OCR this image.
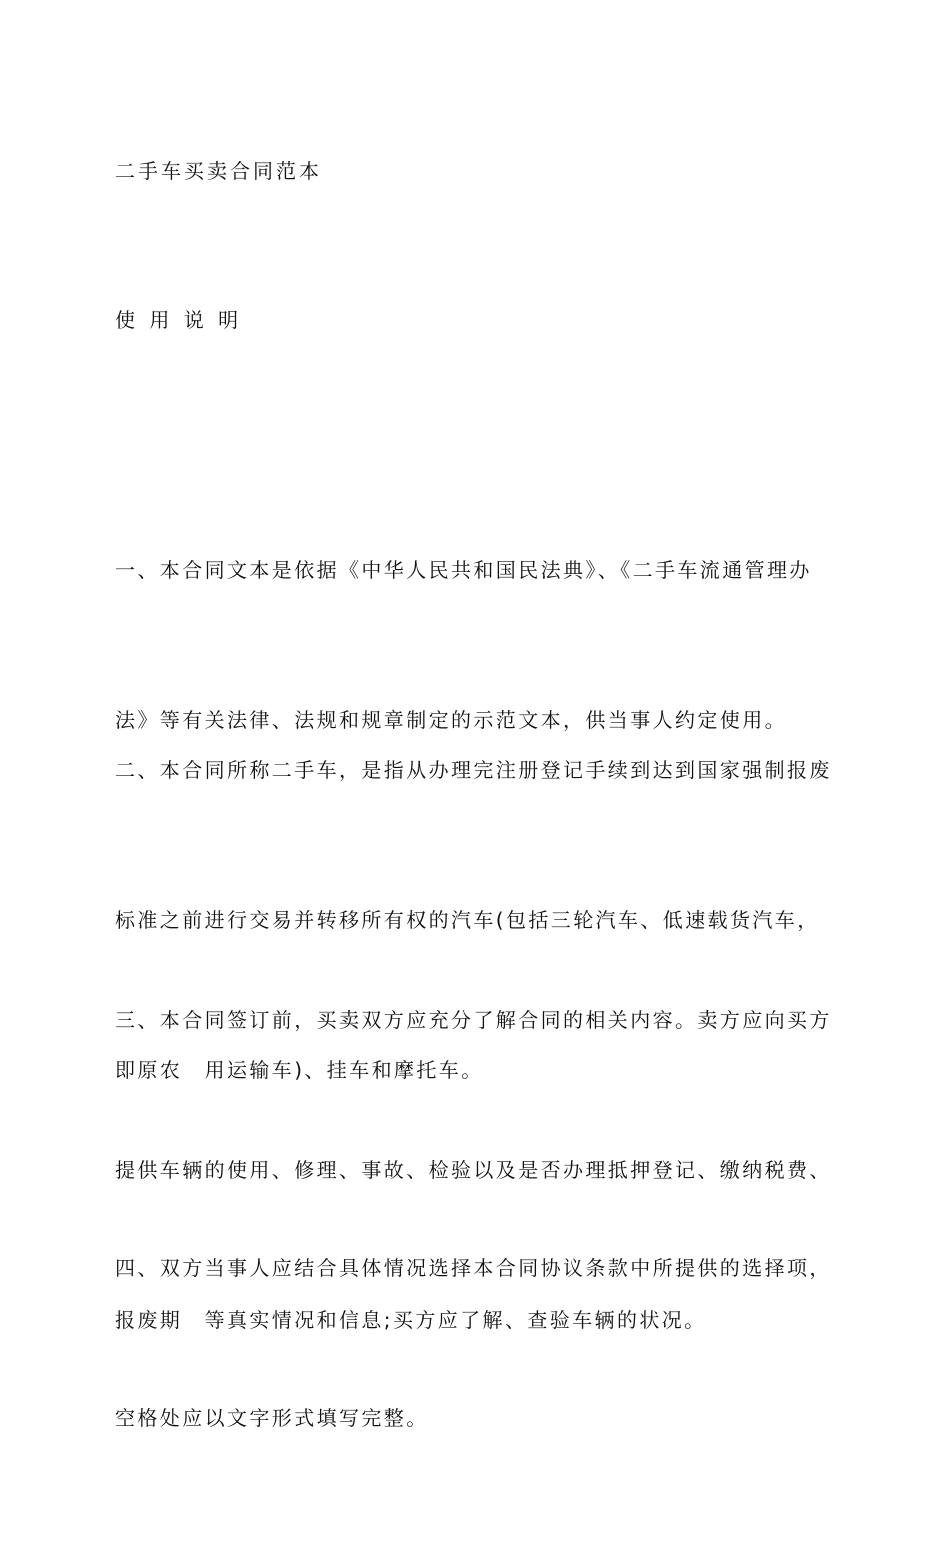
二手车买卖合同范本
使 用 说 明

一、本合同文本是依据《中华人民共和国民法典》、《二手车流通管理办

法》等有关法律、法规和规章制定的示范文本，供当事人约定使用。

二、本合同所称二手车，是指从办理完注册登记手续到达到国家强制报废

标准之前进行交易并转移所有权的汽车(包括三轮汽车、低速载货汽车，

即原农　用运输车)、挂车和摩托车。

三、本合同签订前，买卖双方应充分了解合同的相关内容。卖方应向买方

提供车辆的使用、修理、事故、检验以及是否办理抵押登记、缴纳税费、

报废期　等真实情况和信息;买方应了解、查验车辆的状况。

四、双方当事人应结合具体情况选择本合同协议条款中所提供的选择项，

空格处应以文字形式填写完整。
